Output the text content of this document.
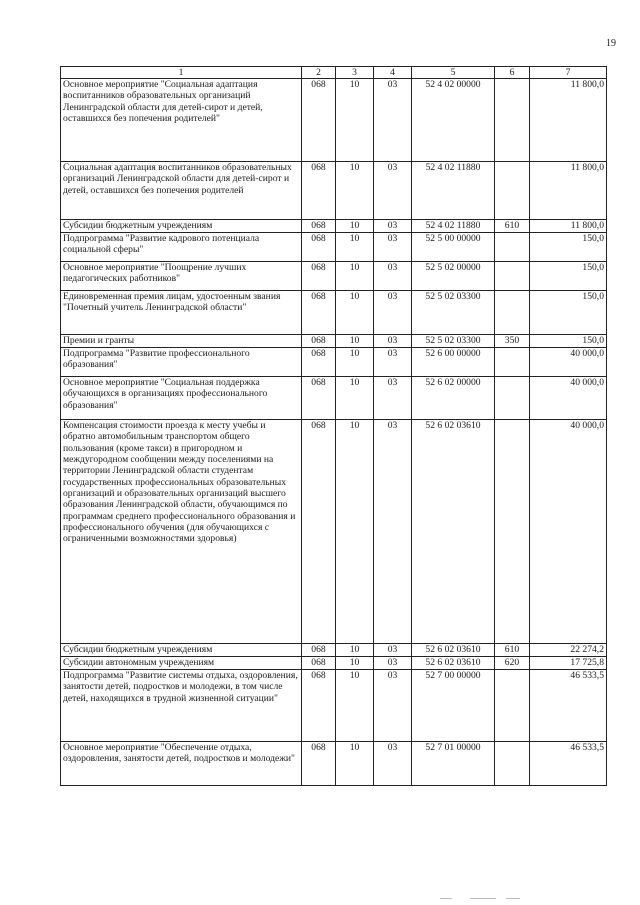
19
1	2	3	4	5	6	7
Основное мероприятие "Социальная адаптация воспитанников образовательных организаций Ленинградской области для детей-сирот и детей, оставшихся без попечения родителей"	068	10	03	52 4 02 00000		11 800,0
Социальная адаптация воспитанников образовательных организаций Ленинградской области для детей-сирот и детей, оставшихся без попечения родителей	068	10	03	52 4 02 11880		11 800,0
Субсидии бюджетным учреждениям	068	10	03	52 4 02 11880	610	11 800,0
Подпрограмма "Развитие кадрового потенциала социальной сферы"	068	10	03	52 5 00 00000		150,0
Основное мероприятие "Поощрение лучших педагогических работников"	068	10	03	52 5 02 00000		150,0
Единовременная премия лицам, удостоенным звания "Почетный учитель Ленинградской области"	068	10	03	52 5 02 03300		150,0
Премии и гранты	068	10	03	52 5 02 03300	350	150,0
Подпрограмма "Развитие профессионального образования"	068	10	03	52 6 00 00000		40 000,0
Основное мероприятие "Социальная поддержка обучающихся в организациях профессионального образования"	068	10	03	52 6 02 00000		40 000,0
Компенсация стоимости проезда к месту учебы и обратно автомобильным транспортом общего пользования (кроме такси) в пригородном и междугородном сообщении между поселениями на территории Ленинградской области студентам государственных профессиональных образовательных организаций и образовательных организаций высшего образования Ленинградской области, обучающимся по программам среднего профессионального образования и профессионального обучения (для обучающихся с ограниченными возможностями здоровья)	068	10	03	52 6 02 03610		40 000,0
Субсидии бюджетным учреждениям	068	10	03	52 6 02 03610	610	22 274,2
Субсидии автономным учреждениям	068	10	03	52 6 02 03610	620	17 725,8
Подпрограмма "Развитие системы отдыха, оздоровления, занятости детей, подростков и молодежи, в том числе детей, находящихся в трудной жизненной ситуации"	068	10	03	52 7 00 00000		46 533,5
Основное мероприятие "Обеспечение отдыха, оздоровления, занятости детей, подростков и молодежи"	068	10	03	52 7 01 00000		46 533,5
